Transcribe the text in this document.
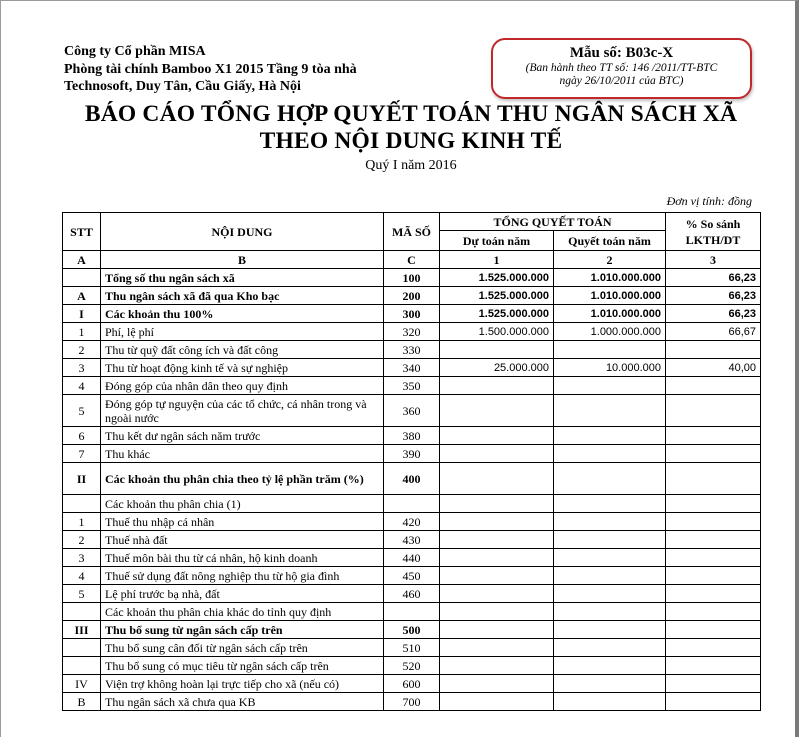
Công ty Cổ phần MISA
Phòng tài chính Bamboo X1 2015 Tầng 9 tòa nhà
Technosoft, Duy Tân, Cầu Giấy, Hà Nội
Mẫu số: B03c-X
(Ban hành theo TT số: 146 /2011/TT-BTC
ngày 26/10/2011 của BTC)
BÁO CÁO TỔNG HỢP QUYẾT TOÁN THU NGÂN SÁCH XÃ
THEO NỘI DUNG KINH TẾ
Quý I năm 2016
Đơn vị tính: đồng
STT	NỘI DUNG	MÃ SỐ	TỔNG QUYẾT TOÁN		% So sánh LKTH/DT
			Dự toán năm	Quyết toán năm	
A	B	C	1	2	3
	Tổng số thu ngân sách xã	100	1.525.000.000	1.010.000.000	66,23
A	Thu ngân sách xã đã qua Kho bạc	200	1.525.000.000	1.010.000.000	66,23
I	Các khoản thu 100%	300	1.525.000.000	1.010.000.000	66,23
1	Phí, lệ phí	320	1.500.000.000	1.000.000.000	66,67
2	Thu từ quỹ đất công ích và đất công	330			
3	Thu từ hoạt động kinh tế và sự nghiệp	340	25.000.000	10.000.000	40,00
4	Đóng góp của nhân dân theo quy định	350			
5	Đóng góp tự nguyện của các tổ chức, cá nhân trong và ngoài nước	360			
6	Thu kết dư ngân sách năm trước	380			
7	Thu khác	390			
II	Các khoản thu phân chia theo tỷ lệ phần trăm (%)	400			
	Các khoản thu phân chia (1)				
1	Thuế thu nhập cá nhân	420			
2	Thuế nhà đất	430			
3	Thuế môn bài thu từ cá nhân, hộ kinh doanh	440			
4	Thuế sử dụng đất nông nghiệp thu từ hộ gia đình	450			
5	Lệ phí trước bạ nhà, đất	460			
	Các khoản thu phân chia khác do tỉnh quy định				
III	Thu bổ sung từ ngân sách cấp trên	500			
	Thu bổ sung cân đối từ ngân sách cấp trên	510			
	Thu bổ sung có mục tiêu từ ngân sách cấp trên	520			
IV	Viện trợ không hoàn lại trực tiếp cho xã (nếu có)	600			
B	Thu ngân sách xã chưa qua KB	700			
